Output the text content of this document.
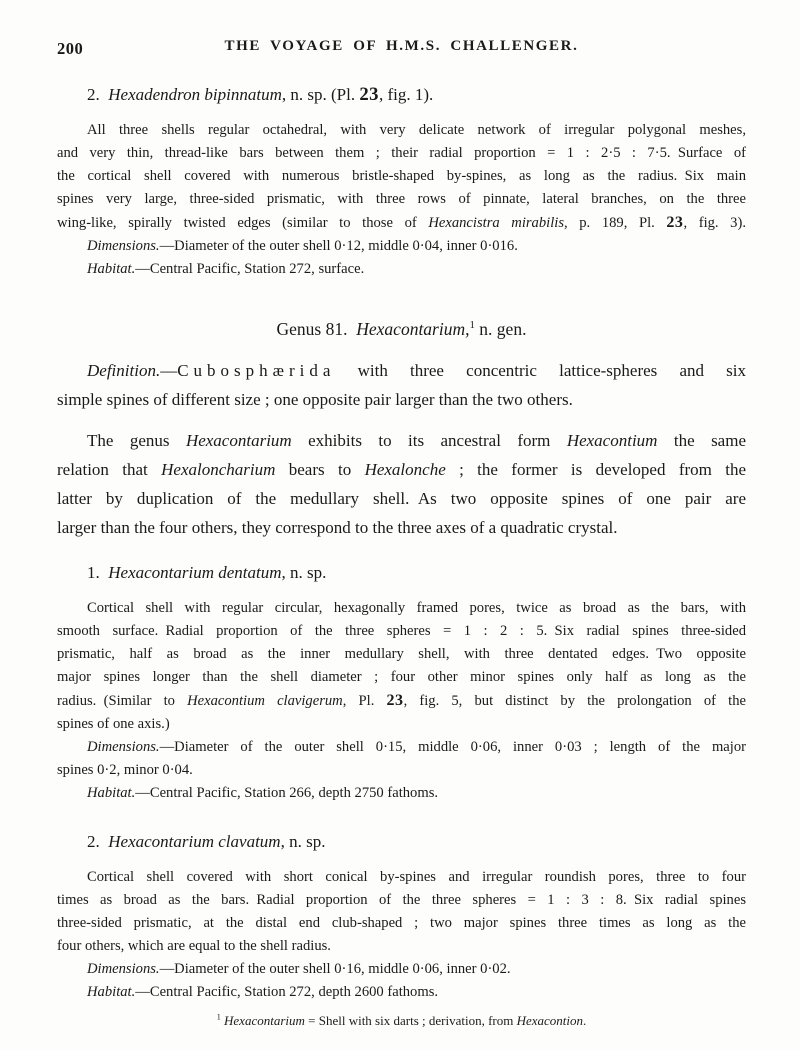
200	THE VOYAGE OF H.M.S. CHALLENGER.
2. Hexadendron bipinnatum, n. sp. (Pl. 23, fig. 1).
All three shells regular octahedral, with very delicate network of irregular polygonal meshes,
and very thin, thread-like bars between them ; their radial proportion = 1 : 2·5 : 7·5. Surface of
the cortical shell covered with numerous bristle-shaped by-spines, as long as the radius. Six main
spines very large, three-sided prismatic, with three rows of pinnate, lateral branches, on the three
wing-like, spirally twisted edges (similar to those of Hexancistra mirabilis, p. 189, Pl. 23, fig. 3).
Dimensions.—Diameter of the outer shell 0·12, middle 0·04, inner 0·016.
Habitat.—Central Pacific, Station 272, surface.
Genus 81. Hexacontarium,$^1$ n. gen.
Definition.—Cubosphærida with three concentric lattice-spheres and six
simple spines of different size ; one opposite pair larger than the two others.
The genus Hexacontarium exhibits to its ancestral form Hexacontium the same
relation that Hexaloncharium bears to Hexalonche ; the former is developed from the
latter by duplication of the medullary shell. As two opposite spines of one pair are
larger than the four others, they correspond to the three axes of a quadratic crystal.
1. Hexacontarium dentatum, n. sp.
Cortical shell with regular circular, hexagonally framed pores, twice as broad as the bars, with
smooth surface. Radial proportion of the three spheres = 1 : 2 : 5. Six radial spines three-sided
prismatic, half as broad as the inner medullary shell, with three dentated edges. Two opposite
major spines longer than the shell diameter ; four other minor spines only half as long as the
radius. (Similar to Hexacontium clavigerum, Pl. 23, fig. 5, but distinct by the prolongation of the
spines of one axis.)
Dimensions.—Diameter of the outer shell 0·15, middle 0·06, inner 0·03 ; length of the major
spines 0·2, minor 0·04.
Habitat.—Central Pacific, Station 266, depth 2750 fathoms.
2. Hexacontarium clavatum, n. sp.
Cortical shell covered with short conical by-spines and irregular roundish pores, three to four
times as broad as the bars. Radial proportion of the three spheres = 1 : 3 : 8. Six radial spines
three-sided prismatic, at the distal end club-shaped ; two major spines three times as long as the
four others, which are equal to the shell radius.
Dimensions.—Diameter of the outer shell 0·16, middle 0·06, inner 0·02.
Habitat.—Central Pacific, Station 272, depth 2600 fathoms.
$^1$ Hexacontarium = Shell with six darts ; derivation, from Hexacontion.
